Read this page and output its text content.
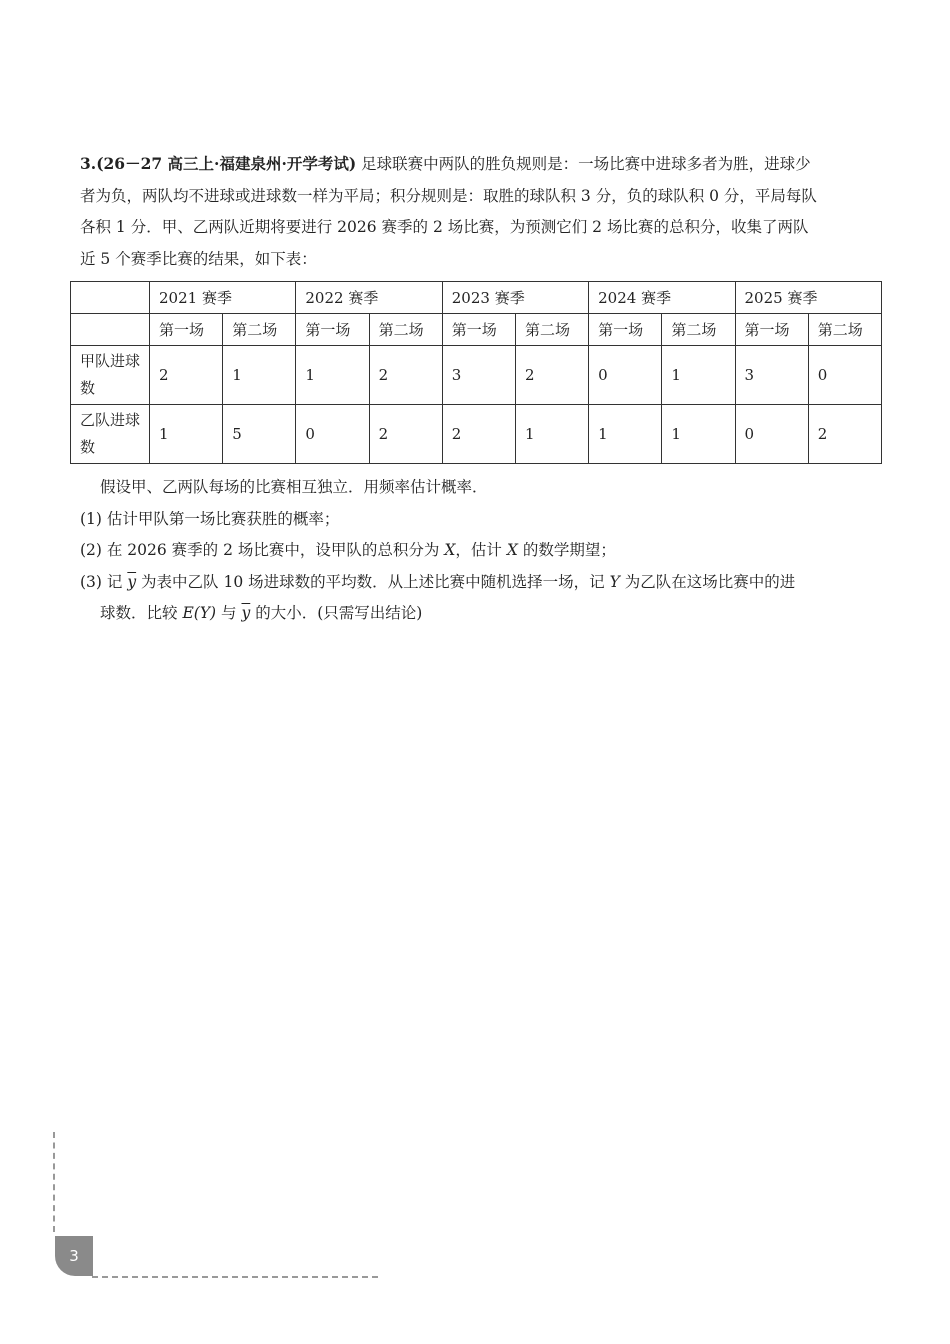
3.(26－27 高三上·福建泉州·开学考试) 足球联赛中两队的胜负规则是：一场比赛中进球多者为胜，进球少

者为负，两队均不进球或进球数一样为平局；积分规则是：取胜的球队积 3 分，负的球队积 0 分，平局每队

各积 1 分．甲、乙两队近期将要进行 2026 赛季的 2 场比赛，为预测它们 2 场比赛的总积分，收集了两队

近 5 个赛季比赛的结果，如下表：

	2021 赛季		2022 赛季		2023 赛季		2024 赛季		2025 赛季	
	第一场	第二场	第一场	第二场	第一场	第二场	第一场	第二场	第一场	第二场
甲队进球数	2	1	1	2	3	2	0	1	3	0
乙队进球数	1	5	0	2	2	1	1	1	0	2

假设甲、乙两队每场的比赛相互独立．用频率估计概率．

(1) 估计甲队第一场比赛获胜的概率；

(2) 在 2026 赛季的 2 场比赛中，设甲队的总积分为 X，估计 X 的数学期望；

(3) 记 $\overline{y}$ 为表中乙队 10 场进球数的平均数．从上述比赛中随机选择一场，记 Y 为乙队在这场比赛中的进

球数．比较 E(Y) 与 $\overline{y}$ 的大小．(只需写出结论)

3
